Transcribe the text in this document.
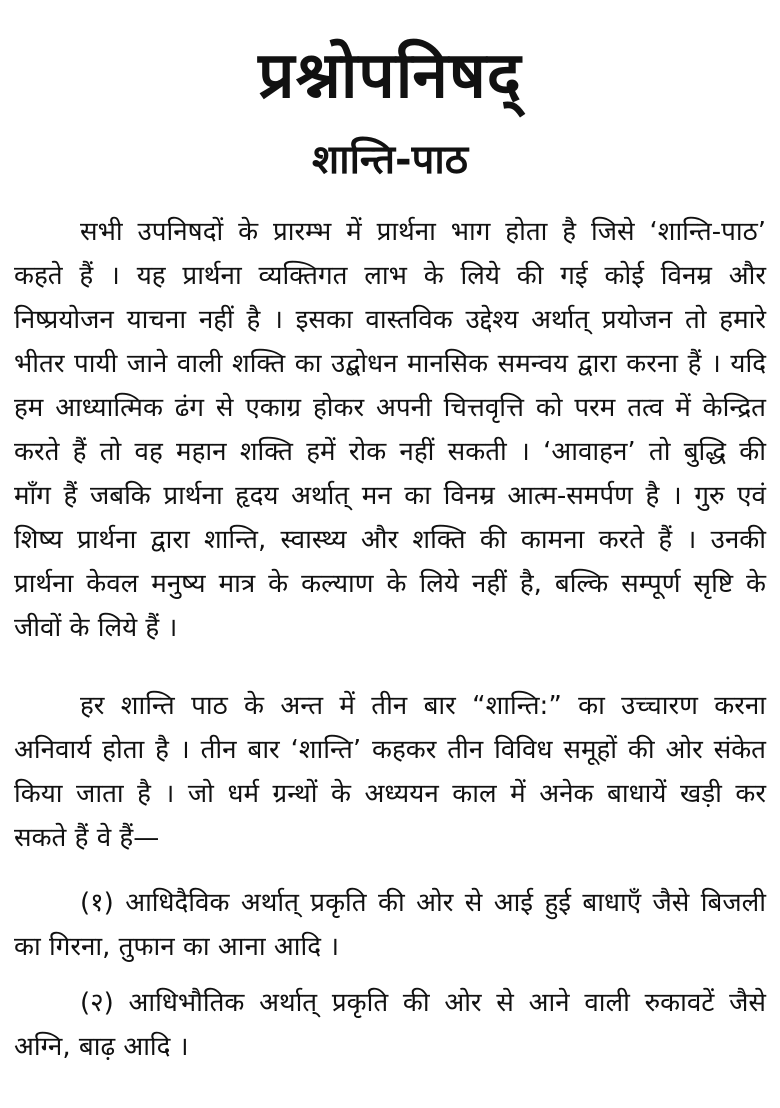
प्रश्नोपनिषद्
शान्ति-पाठ
सभी उपनिषदों के प्रारम्भ में प्रार्थना भाग होता है जिसे ‘शान्ति-पाठ’
कहते हैं । यह प्रार्थना व्यक्तिगत लाभ के लिये की गई कोई विनम्र और
निष्प्रयोजन याचना नहीं है । इसका वास्तविक उद्देश्य अर्थात् प्रयोजन तो हमारे
भीतर पायी जाने वाली शक्ति का उद्बोधन मानसिक समन्वय द्वारा करना हैं । यदि
हम आध्यात्मिक ढंग से एकाग्र होकर अपनी चित्तवृत्ति को परम तत्व में केन्द्रित
करते हैं तो वह महान शक्ति हमें रोक नहीं सकती । ‘आवाहन’ तो बुद्धि की
माँग हैं जबकि प्रार्थना हृदय अर्थात् मन का विनम्र आत्म-समर्पण है । गुरु एवं
शिष्य प्रार्थना द्वारा शान्ति, स्वास्थ्य और शक्ति की कामना करते हैं । उनकी
प्रार्थना केवल मनुष्य मात्र के कल्याण के लिये नहीं है, बल्कि सम्पूर्ण सृष्टि के
जीवों के लिये हैं ।
हर शान्ति पाठ के अन्त में तीन बार “शान्ति:” का उच्चारण करना
अनिवार्य होता है । तीन बार ‘शान्ति’ कहकर तीन विविध समूहों की ओर संकेत
किया जाता है । जो धर्म ग्रन्थों के अध्ययन काल में अनेक बाधायें खड़ी कर
सकते हैं वे हैं—
(१) आधिदैविक अर्थात् प्रकृति की ओर से आई हुई बाधाएँ जैसे बिजली
का गिरना, तुफान का आना आदि ।
(२) आधिभौतिक अर्थात् प्रकृति की ओर से आने वाली रुकावटें जैसे
अग्नि, बाढ़ आदि ।
